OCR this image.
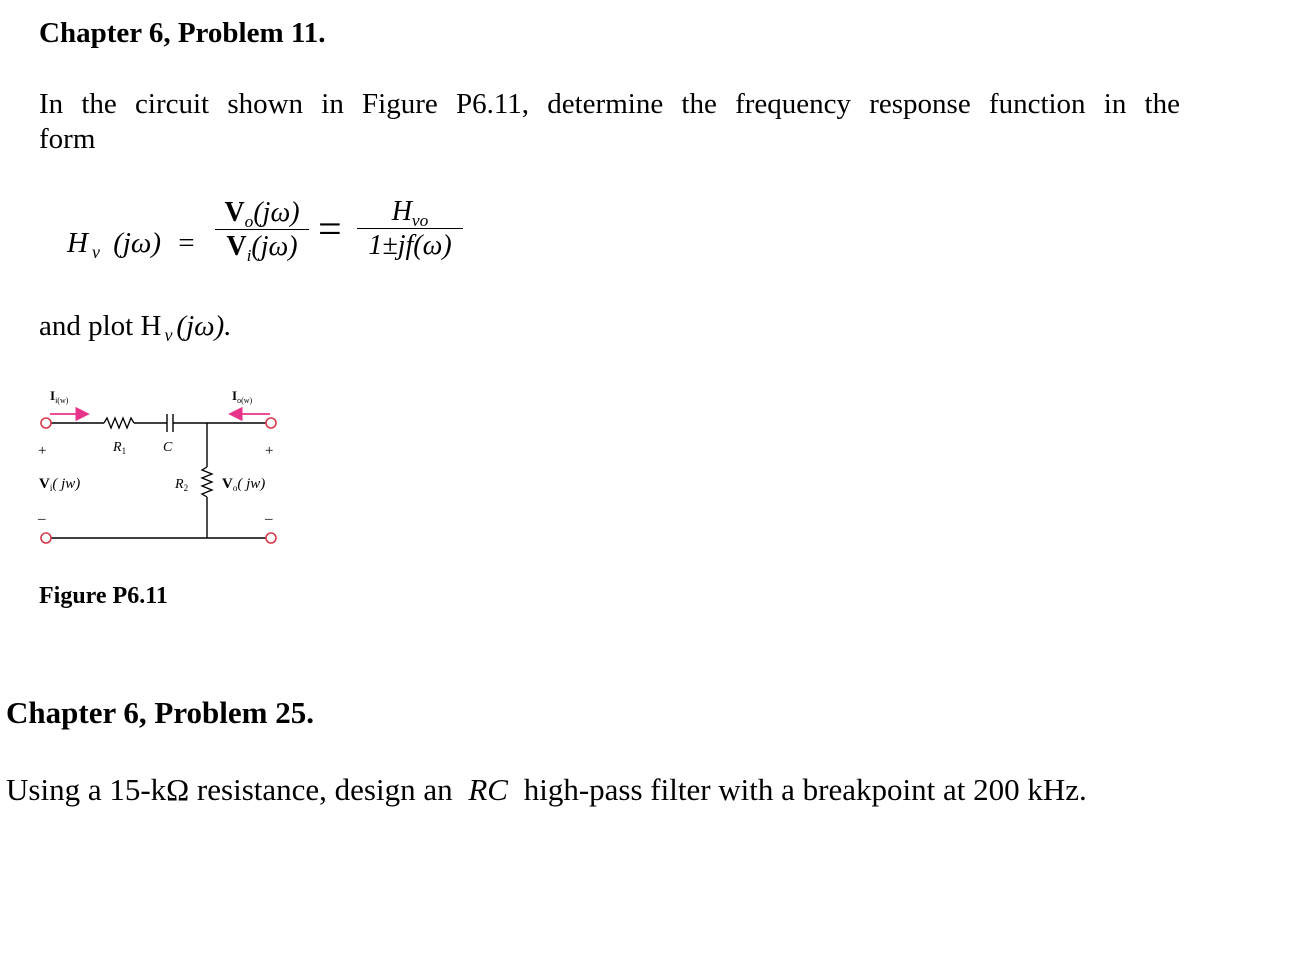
Chapter 6, Problem 11.
In the circuit shown in Figure P6.11, determine the frequency response function in the
form
H $_v$ (jω) =
$V_o(j\omega)$
$V_i(j\omega)$ =	$H_{vo}$
1±jf(ω)
and plot H $_v$ (jω).
$I_{i(w)}$	$I_{o(w)}$
$R_1$	C
$R_2$
+
$V_i$( jw)
–
+
$V_o$( jw)
–
Figure P6.11
Chapter 6, Problem 25.
Using a 15-kΩ resistance, design an RC high-pass filter with a breakpoint at 200 kHz.
